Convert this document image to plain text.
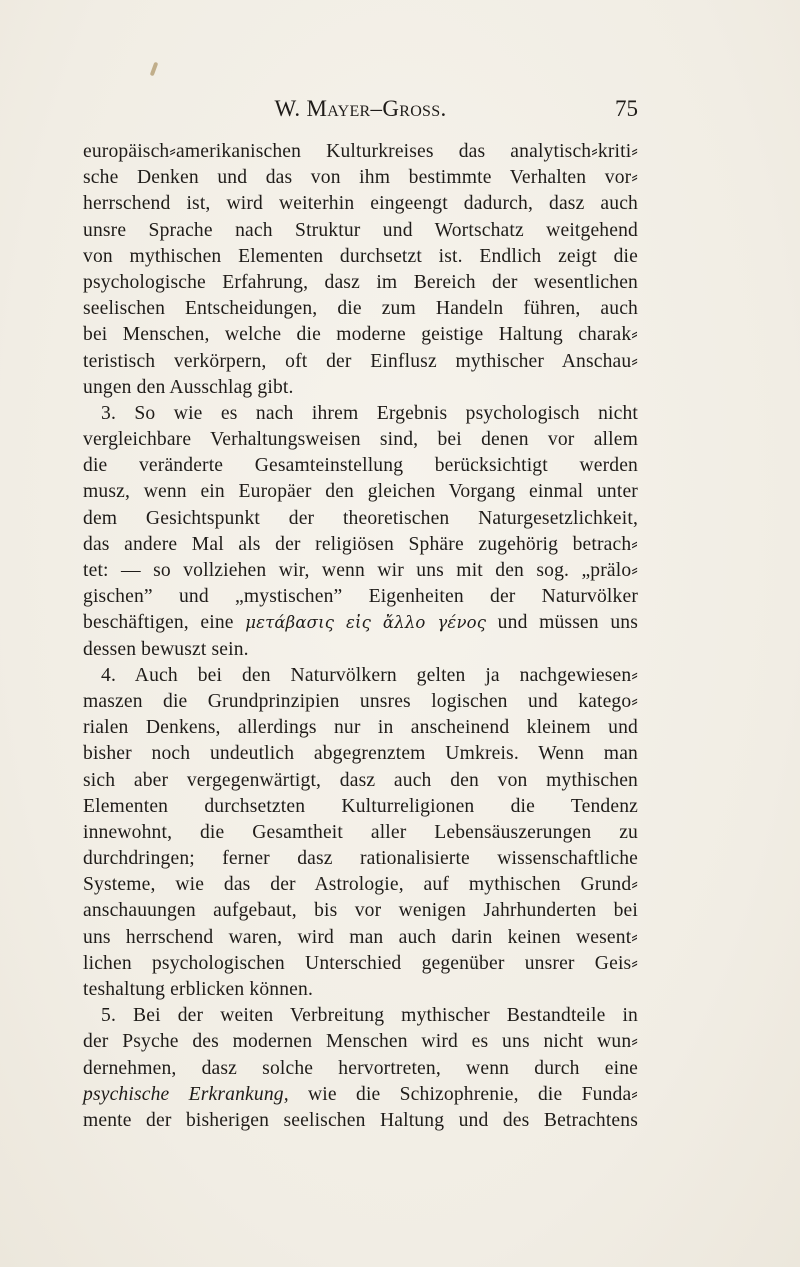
W. Mayer–Gross.	75
europäisch⸗amerikanischen Kulturkreises das analytisch⸗kriti⸗
sche Denken und das von ihm bestimmte Verhalten vor⸗
herrschend ist, wird weiterhin eingeengt dadurch, dasz auch
unsre Sprache nach Struktur und Wortschatz weitgehend
von mythischen Elementen durchsetzt ist. Endlich zeigt die
psychologische Erfahrung, dasz im Bereich der wesentlichen
seelischen Entscheidungen, die zum Handeln führen, auch
bei Menschen, welche die moderne geistige Haltung charak⸗
teristisch verkörpern, oft der Einflusz mythischer Anschau⸗
ungen den Ausschlag gibt.
3. So wie es nach ihrem Ergebnis psychologisch nicht
vergleichbare Verhaltungsweisen sind, bei denen vor allem
die veränderte Gesamteinstellung berücksichtigt werden
musz, wenn ein Europäer den gleichen Vorgang einmal unter
dem Gesichtspunkt der theoretischen Naturgesetzlichkeit,
das andere Mal als der religiösen Sphäre zugehörig betrach⸗
tet: — so vollziehen wir, wenn wir uns mit den sog. „prälo⸗
gischen” und „mystischen” Eigenheiten der Naturvölker
beschäftigen, eine μετάβασις εἰς ἄλλο γένος und müssen uns
dessen bewuszt sein.
4. Auch bei den Naturvölkern gelten ja nachgewiesen⸗
maszen die Grundprinzipien unsres logischen und katego⸗
rialen Denkens, allerdings nur in anscheinend kleinem und
bisher noch undeutlich abgegrenztem Umkreis. Wenn man
sich aber vergegenwärtigt, dasz auch den von mythischen
Elementen durchsetzten Kulturreligionen die Tendenz
innewohnt, die Gesamtheit aller Lebensäuszerungen zu
durchdringen; ferner dasz rationalisierte wissenschaftliche
Systeme, wie das der Astrologie, auf mythischen Grund⸗
anschauungen aufgebaut, bis vor wenigen Jahrhunderten bei
uns herrschend waren, wird man auch darin keinen wesent⸗
lichen psychologischen Unterschied gegenüber unsrer Geis⸗
teshaltung erblicken können.
5. Bei der weiten Verbreitung mythischer Bestandteile in
der Psyche des modernen Menschen wird es uns nicht wun⸗
dernehmen, dasz solche hervortreten, wenn durch eine
psychische Erkrankung, wie die Schizophrenie, die Funda⸗
mente der bisherigen seelischen Haltung und des Betrachtens
